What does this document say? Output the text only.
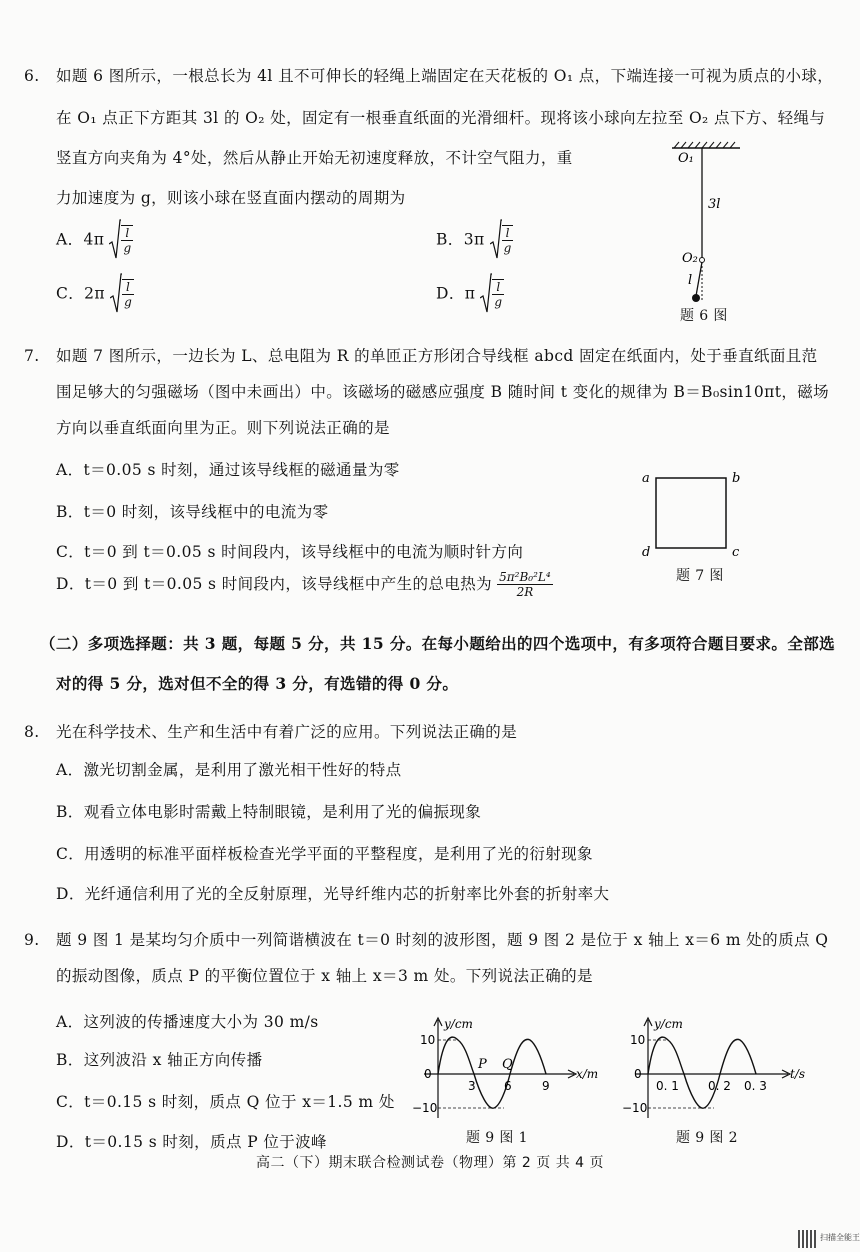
6. 如题 6 图所示，一根总长为 4l 且不可伸长的轻绳上端固定在天花板的 O₁ 点，下端连接一可视为质点的小球，
在 O₁ 点正下方距其 3l 的 O₂ 处，固定有一根垂直纸面的光滑细杆。现将该小球向左拉至 O₂ 点下方、轻绳与
竖直方向夹角为 4°处，然后从静止开始无初速度释放，不计空气阻力，重
力加速度为 g，则该小球在竖直面内摆动的周期为
A．$4\pi \frac{l}{g}$	B．$3\pi \frac{l}{g}$
C．$2\pi \frac{l}{g}$	D．π $\frac{l}{g}$
O₁
3l
O₂
l
题 6 图
7. 如题 7 图所示，一边长为 L、总电阻为 R 的单匝正方形闭合导线框 abcd 固定在纸面内，处于垂直纸面且范
围足够大的匀强磁场（图中未画出）中。该磁场的磁感应强度 B 随时间 t 变化的规律为 B＝B₀sin10πt，磁场
方向以垂直纸面向里为正。则下列说法正确的是
A．t＝0.05 s 时刻，通过该导线框的磁通量为零
B．t＝0 时刻，该导线框中的电流为零
C．t＝0 到 t＝0.05 s 时间段内，该导线框中的电流为顺时针方向
D．t＝0 到 t＝0.05 s 时间段内，该导线框中产生的总电热为 $\frac{\text{5π²B₀²L⁴}}{2R}$
a	b
c
d
题 7 图
（二）多项选择题：共 3 题，每题 5 分，共 15 分。在每小题给出的四个选项中，有多项符合题目要求。全部选
对的得 5 分，选对但不全的得 3 分，有选错的得 0 分。
8. 光在科学技术、生产和生活中有着广泛的应用。下列说法正确的是
A．激光切割金属，是利用了激光相干性好的特点
B．观看立体电影时需戴上特制眼镜，是利用了光的偏振现象
C．用透明的标准平面样板检查光学平面的平整程度，是利用了光的衍射现象
D．光纤通信利用了光的全反射原理，光导纤维内芯的折射率比外套的折射率大
9. 题 9 图 1 是某均匀介质中一列简谐横波在 t＝0 时刻的波形图，题 9 图 2 是位于 x 轴上 x＝6 m 处的质点 Q
的振动图像，质点 P 的平衡位置位于 x 轴上 x＝3 m 处。下列说法正确的是
A．这列波的传播速度大小为 30 m/s
B．这列波沿 x 轴正方向传播
C．t＝0.15 s 时刻，质点 Q 位于 x＝1.5 m 处
D．t＝0.15 s 时刻，质点 P 位于波峰
10
0
−10
3 6	9
P Q
y/cm
x/m
题 9 图 1
10
0
−10
0. 1 0. 2 0. 3
y/cm
t/s
题 9 图 2
高二（下）期末联合检测试卷（物理）第 2 页 共 4 页
扫描全能王
